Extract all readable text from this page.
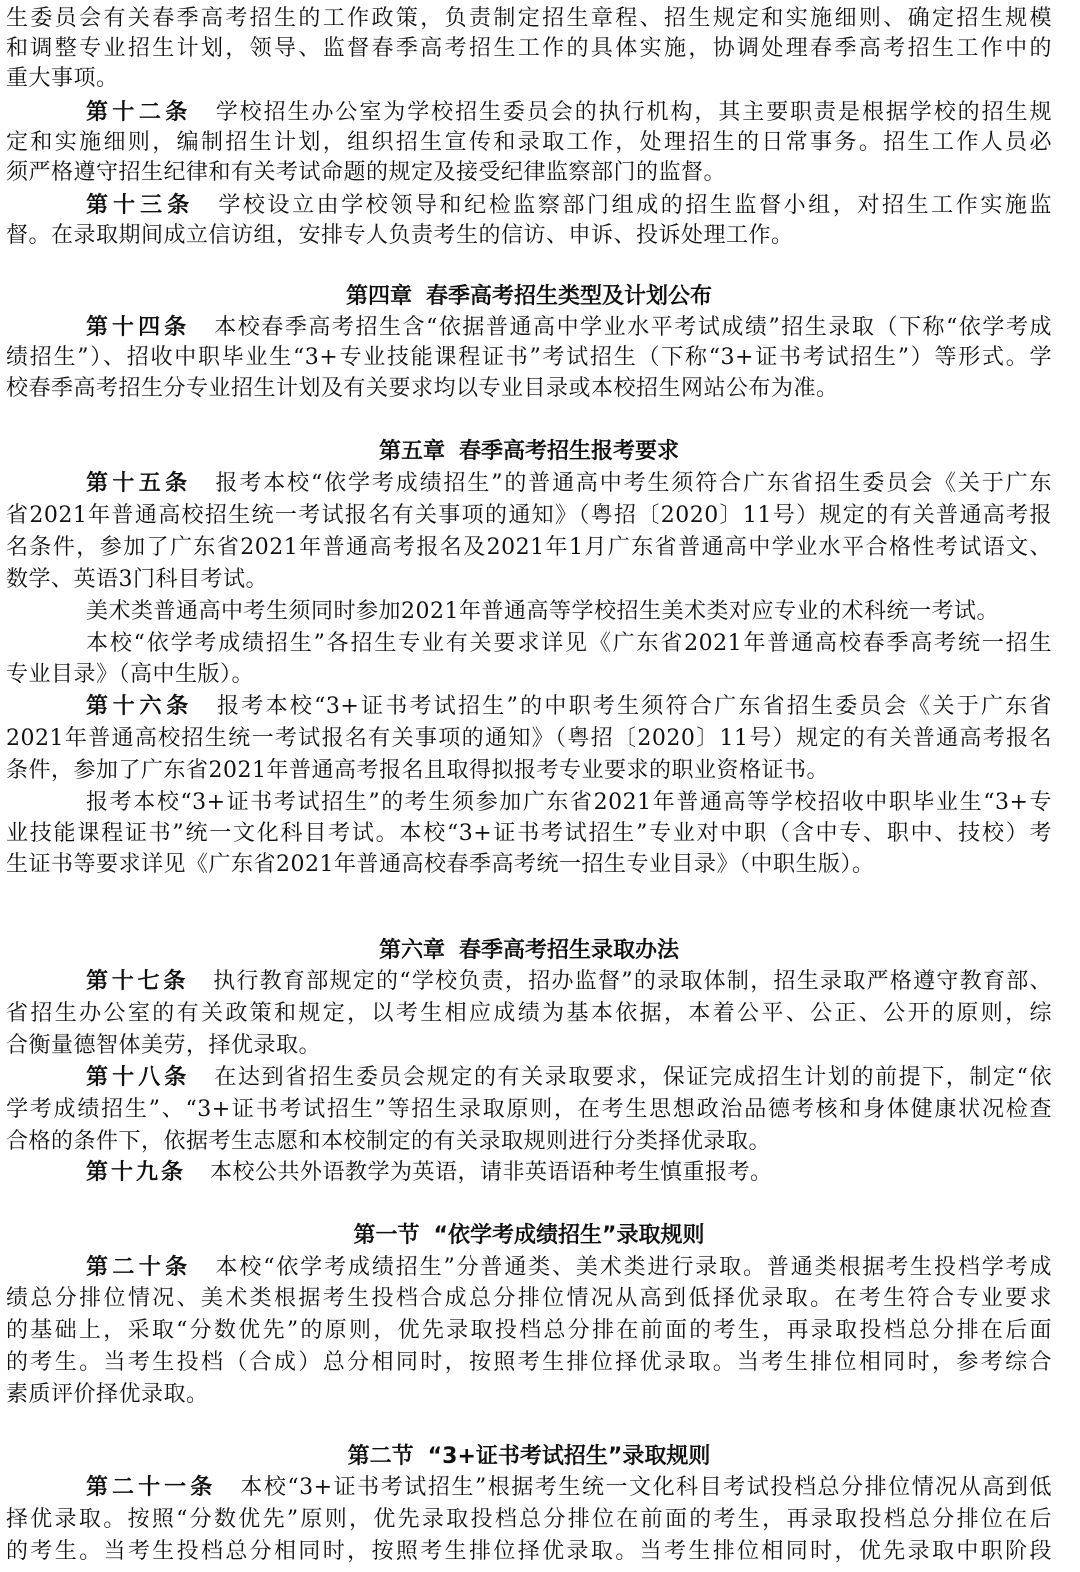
生委员会有关春季高考招生的工作政策，负责制定招生章程、招生规定和实施细则、确定招生规模
和调整专业招生计划，领导、监督春季高考招生工作的具体实施，协调处理春季高考招生工作中的
重大事项。
第十二条 学校招生办公室为学校招生委员会的执行机构，其主要职责是根据学校的招生规
定和实施细则，编制招生计划，组织招生宣传和录取工作，处理招生的日常事务。招生工作人员必
须严格遵守招生纪律和有关考试命题的规定及接受纪律监察部门的监督。
第十三条 学校设立由学校领导和纪检监察部门组成的招生监督小组，对招生工作实施监
督。在录取期间成立信访组，安排专人负责考生的信访、申诉、投诉处理工作。
第四章 春季高考招生类型及计划公布
第十四条 本校春季高考招生含“依据普通高中学业水平考试成绩”招生录取（下称“依学考成
绩招生”）、招收中职毕业生“3+专业技能课程证书”考试招生（下称“3+证书考试招生”）等形式。学
校春季高考招生分专业招生计划及有关要求均以专业目录或本校招生网站公布为准。
第五章 春季高考招生报考要求
第十五条 报考本校“依学考成绩招生”的普通高中考生须符合广东省招生委员会《关于广东
省2021年普通高校招生统一考试报名有关事项的通知》（粤招〔2020〕11号）规定的有关普通高考报
名条件，参加了广东省2021年普通高考报名及2021年1月广东省普通高中学业水平合格性考试语文、
数学、英语3门科目考试。
美术类普通高中考生须同时参加2021年普通高等学校招生美术类对应专业的术科统一考试。
本校“依学考成绩招生”各招生专业有关要求详见《广东省2021年普通高校春季高考统一招生
专业目录》（高中生版）。
第十六条 报考本校“3+证书考试招生”的中职考生须符合广东省招生委员会《关于广东省
2021年普通高校招生统一考试报名有关事项的通知》（粤招〔2020〕11号）规定的有关普通高考报名
条件，参加了广东省2021年普通高考报名且取得拟报考专业要求的职业资格证书。
报考本校“3+证书考试招生”的考生须参加广东省2021年普通高等学校招收中职毕业生“3+专
业技能课程证书”统一文化科目考试。本校“3+证书考试招生”专业对中职（含中专、职中、技校）考
生证书等要求详见《广东省2021年普通高校春季高考统一招生专业目录》（中职生版）。
第六章 春季高考招生录取办法
第十七条 执行教育部规定的“学校负责，招办监督”的录取体制，招生录取严格遵守教育部、
省招生办公室的有关政策和规定，以考生相应成绩为基本依据，本着公平、公正、公开的原则，综
合衡量德智体美劳，择优录取。
第十八条 在达到省招生委员会规定的有关录取要求，保证完成招生计划的前提下，制定“依
学考成绩招生”、“3+证书考试招生”等招生录取原则，在考生思想政治品德考核和身体健康状况检查
合格的条件下，依据考生志愿和本校制定的有关录取规则进行分类择优录取。
第十九条 本校公共外语教学为英语，请非英语语种考生慎重报考。
第一节 “依学考成绩招生”录取规则
第二十条 本校“依学考成绩招生”分普通类、美术类进行录取。普通类根据考生投档学考成
绩总分排位情况、美术类根据考生投档合成总分排位情况从高到低择优录取。在考生符合专业要求
的基础上，采取“分数优先”的原则，优先录取投档总分排在前面的考生，再录取投档总分排在后面
的考生。当考生投档（合成）总分相同时，按照考生排位择优录取。当考生排位相同时，参考综合
素质评价择优录取。
第二节 “3+证书考试招生”录取规则
第二十一条 本校“3+证书考试招生”根据考生统一文化科目考试投档总分排位情况从高到低
择优录取。按照“分数优先”原则，优先录取投档总分排位在前面的考生，再录取投档总分排位在后
的考生。当考生投档总分相同时，按照考生排位择优录取。当考生排位相同时，优先录取中职阶段
